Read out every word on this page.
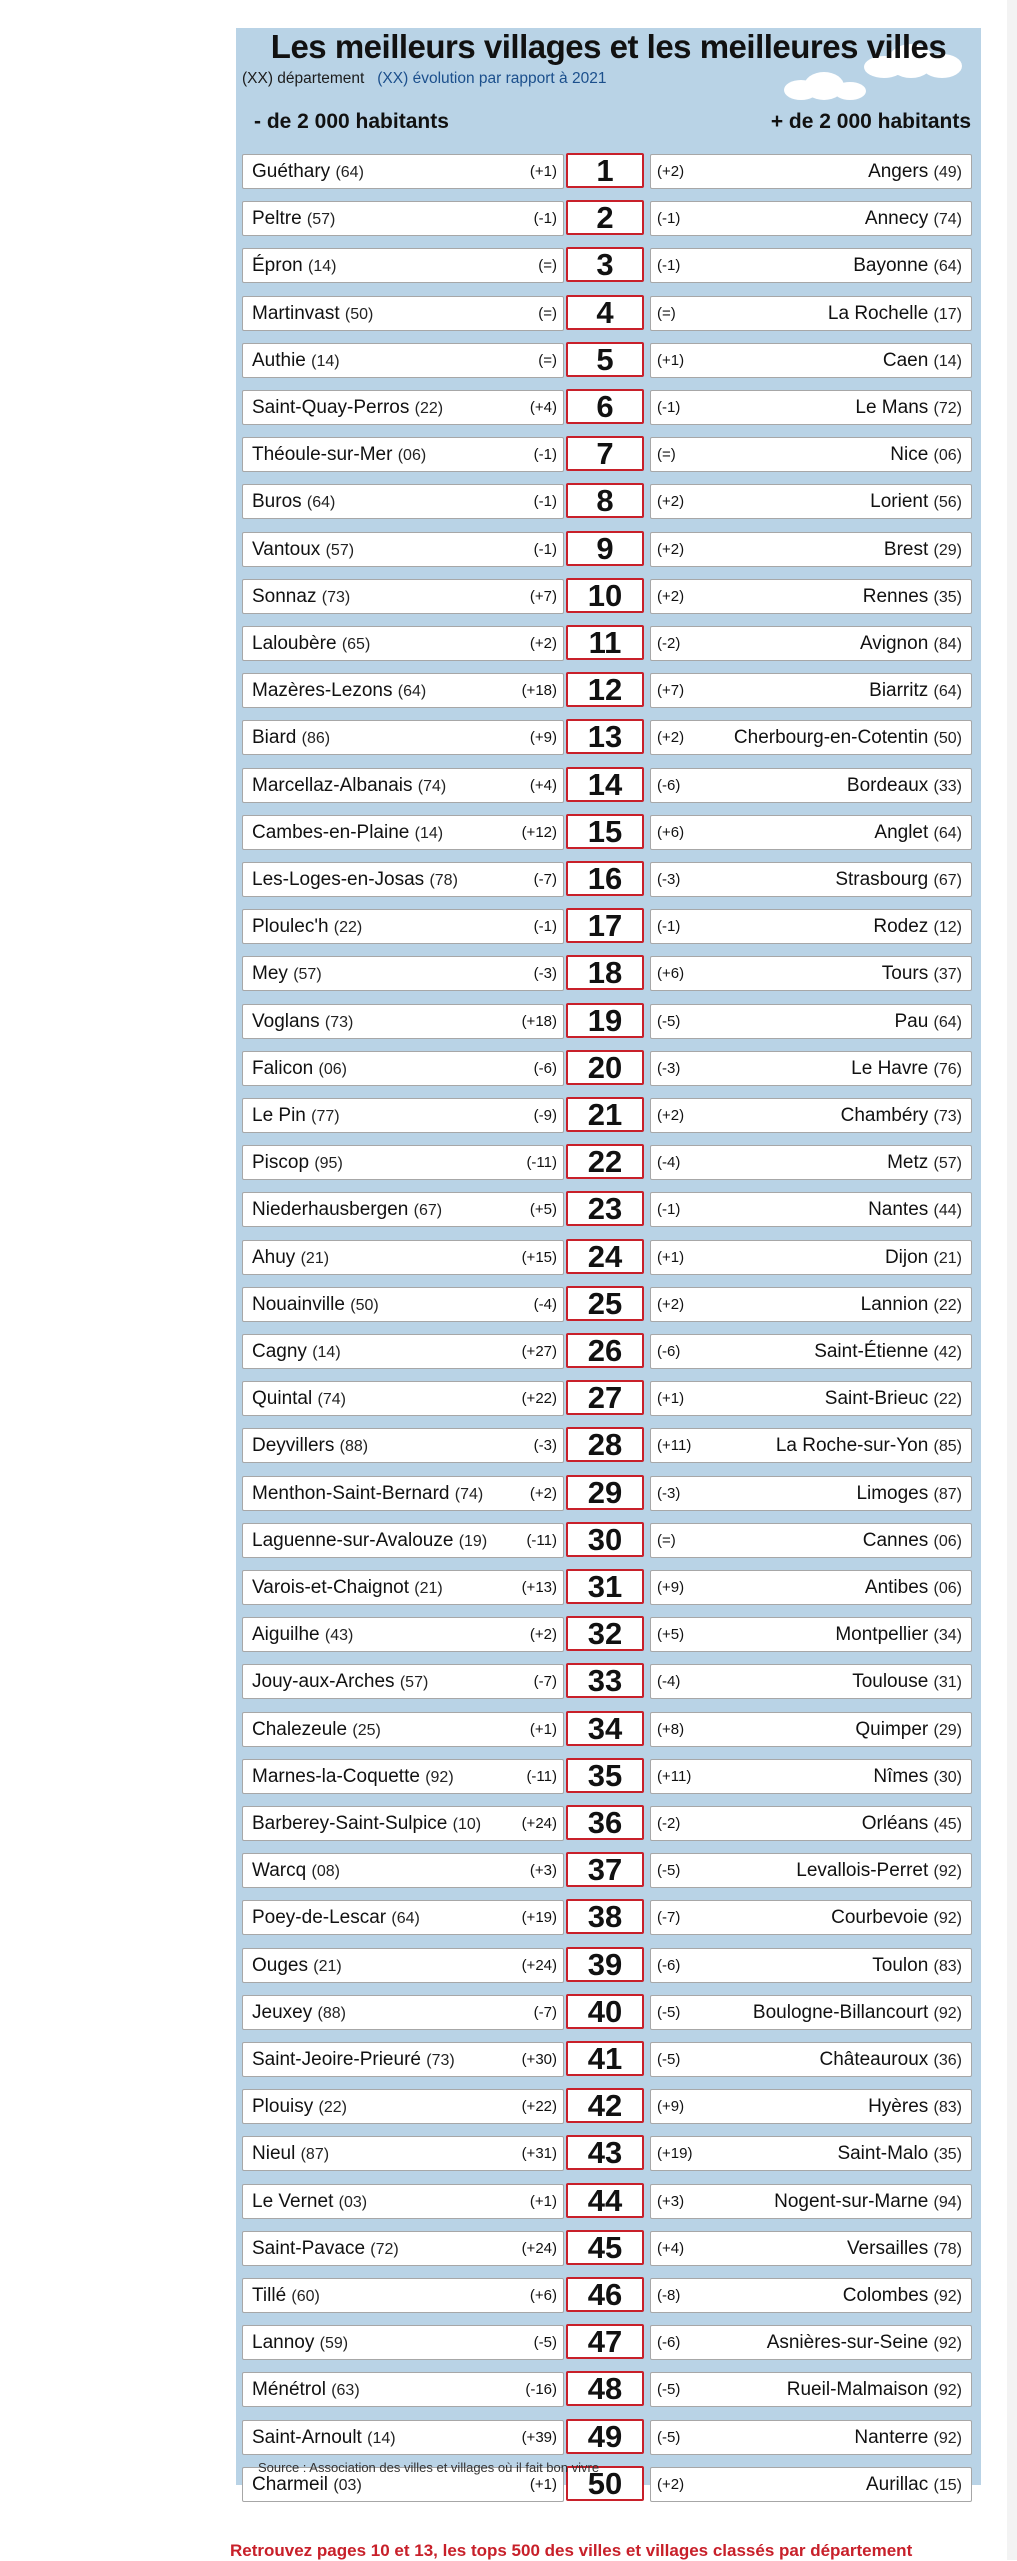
Les meilleurs villages et les meilleures villes
(XX) département (XX) évolution par rapport à 2021
- de 2 000 habitants	+ de 2 000 habitants
Guéthary (64)	(+1)	1	(+2)	Angers (49)
Peltre (57)	(-1)	2	(-1)	Annecy (74)
Épron (14)	(=)	3	(-1)	Bayonne (64)
Martinvast (50)	(=)	4	(=)	La Rochelle (17)
Authie (14)	(=)	5	(+1)	Caen (14)
Saint-Quay-Perros (22)	(+4)	6	(-1)	Le Mans (72)
Théoule-sur-Mer (06)	(-1)	7	(=)	Nice (06)
Buros (64)	(-1)	8	(+2)	Lorient (56)
Vantoux (57)	(-1)	9	(+2)	Brest (29)
Sonnaz (73)	(+7) 10	(+2)	Rennes (35)
Laloubère (65)	(+2)	11	(-2)	Avignon (84)
Mazères-Lezons (64)	(+18) 12	(+7)	Biarritz (64)
Biard (86)	(+9) 13	(+2)	Cherbourg-en-Cotentin (50)
Marcellaz-Albanais (74)	(+4) 14	(-6)	Bordeaux (33)
Cambes-en-Plaine (14)	(+12) 15	(+6)	Anglet (64)
Les-Loges-en-Josas (78)	(-7) 16	(-3)	Strasbourg (67)
Ploulec'h (22)	(-1) 17	(-1)	Rodez (12)
Mey (57)	(-3) 18	(+6)	Tours (37)
Voglans (73)	(+18) 19	(-5)	Pau (64)
Falicon (06)	(-6) 20	(-3)	Le Havre (76)
Le Pin (77)	(-9) 21	(+2)	Chambéry (73)
Piscop (95)	(-11) 22	(-4)	Metz (57)
Niederhausbergen (67)	(+5) 23	(-1)	Nantes (44)
Ahuy (21)	(+15) 24	(+1)	Dijon (21)
Nouainville (50)	(-4) 25	(+2)	Lannion (22)
Cagny (14)	(+27) 26	(-6)	Saint-Étienne (42)
Quintal (74)	(+22) 27	(+1)	Saint-Brieuc (22)
Deyvillers (88)	(-3) 28	(+11)	La Roche-sur-Yon (85)
Menthon-Saint-Bernard (74)	(+2) 29	(-3)	Limoges (87)
Laguenne-sur-Avalouze (19)	(-11) 30	(=)	Cannes (06)
Varois-et-Chaignot (21)	(+13) 31	(+9)	Antibes (06)
Aiguilhe (43)	(+2) 32	(+5)	Montpellier (34)
Jouy-aux-Arches (57)	(-7) 33	(-4)	Toulouse (31)
Chalezeule (25)	(+1) 34	(+8)	Quimper (29)
Marnes-la-Coquette (92)	(-11) 35	(+11)	Nîmes (30)
Barberey-Saint-Sulpice (10)	(+24) 36	(-2)	Orléans (45)
Warcq (08)	(+3) 37	(-5)	Levallois-Perret (92)
Poey-de-Lescar (64)	(+19) 38	(-7)	Courbevoie (92)
Ouges (21)	(+24) 39	(-6)	Toulon (83)
Jeuxey (88)	(-7) 40	(-5)	Boulogne-Billancourt (92)
Saint-Jeoire-Prieuré (73)	(+30) 41	(-5)	Châteauroux (36)
Plouisy (22)	(+22) 42	(+9)	Hyères (83)
Nieul (87)	(+31) 43	(+19)	Saint-Malo (35)
Le Vernet (03)	(+1) 44	(+3)	Nogent-sur-Marne (94)
Saint-Pavace (72)	(+24) 45	(+4)	Versailles (78)
Tillé (60)	(+6) 46	(-8)	Colombes (92)
Lannoy (59)	(-5) 47	(-6)	Asnières-sur-Seine (92)
Ménétrol (63)	(-16) 48	(-5)	Rueil-Malmaison (92)
Saint-Arnoult (14)	(+39) 49	(-5)	Nanterre (92)
Charmeil (03)	(+1) 50	(+2)	Aurillac (15)
Source : Association des villes et villages où il fait bon vivre
Retrouvez pages 10 et 13, les tops 500 des villes et villages classés par département
